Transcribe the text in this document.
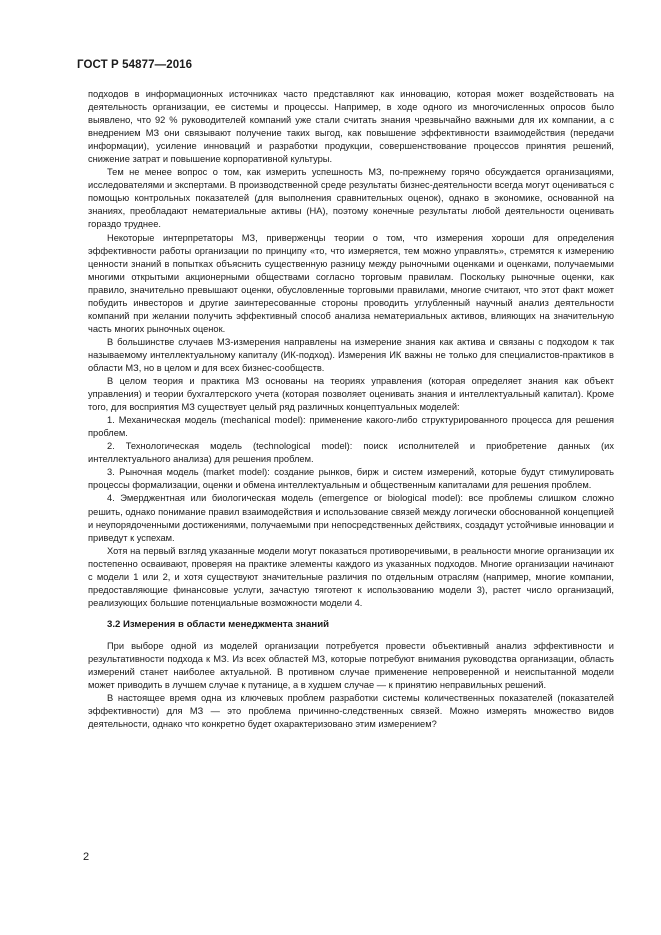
ГОСТ Р 54877—2016

подходов в информационных источниках часто представляют как инновацию, которая может воздействовать на деятельность организации, ее системы и процессы. Например, в ходе одного из многочисленных опросов было выявлено, что 92 % руководителей компаний уже стали считать знания чрезвычайно важными для их компании, а с внедрением МЗ они связывают получение таких выгод, как повышение эффективности взаимодействия (передачи информации), усиление инноваций и разработки продукции, совершенствование процессов принятия решений, снижение затрат и повышение корпоративной культуры.

Тем не менее вопрос о том, как измерить успешность МЗ, по-прежнему горячо обсуждается организациями, исследователями и экспертами. В производственной среде результаты бизнес-деятельности всегда могут оцениваться с помощью контрольных показателей (для выполнения сравнительных оценок), однако в экономике, основанной на знаниях, преобладают нематериальные активы (НА), поэтому конечные результаты любой деятельности оценивать гораздо труднее.

Некоторые интерпретаторы МЗ, приверженцы теории о том, что измерения хороши для определения эффективности работы организации по принципу «то, что измеряется, тем можно управлять», стремятся к измерению ценности знаний в попытках объяснить существенную разницу между рыночными оценками и оценками, получаемыми многими открытыми акционерными обществами согласно торговым правилам. Поскольку рыночные оценки, как правило, значительно превышают оценки, обусловленные торговыми правилами, многие считают, что этот факт может побудить инвесторов и другие заинтересованные стороны проводить углубленный научный анализ деятельности компаний при желании получить эффективный способ анализа нематериальных активов, влияющих на значительную часть многих рыночных оценок.

В большинстве случаев МЗ-измерения направлены на измерение знания как актива и связаны с подходом к так называемому интеллектуальному капиталу (ИК-подход). Измерения ИК важны не только для специалистов-практиков в области МЗ, но в целом и для всех бизнес-сообществ.

В целом теория и практика МЗ основаны на теориях управления (которая определяет знания как объект управления) и теории бухгалтерского учета (которая позволяет оценивать знания и интеллектуальный капитал). Кроме того, для восприятия МЗ существует целый ряд различных концептуальных моделей:

1. Механическая модель (mechanical model): применение какого-либо структурированного процесса для решения проблем.

2. Технологическая модель (technological model): поиск исполнителей и приобретение данных (их интеллектуального анализа) для решения проблем.

3. Рыночная модель (market model): создание рынков, бирж и систем измерений, которые будут стимулировать процессы формализации, оценки и обмена интеллектуальным и общественным капиталами для решения проблем.

4. Эмерджентная или биологическая модель (emergence or biological model): все проблемы слишком сложно решить, однако понимание правил взаимодействия и использование связей между логически обоснованной концепцией и неупорядоченными достижениями, получаемыми при непосредственных действиях, создадут устойчивые инновации и приведут к успехам.

Хотя на первый взгляд указанные модели могут показаться противоречивыми, в реальности многие организации их постепенно осваивают, проверяя на практике элементы каждого из указанных подходов. Многие организации начинают с модели 1 или 2, и хотя существуют значительные различия по отдельным отраслям (например, многие компании, предоставляющие финансовые услуги, зачастую тяготеют к использованию модели 3), растет число организаций, реализующих большие потенциальные возможности модели 4.

3.2 Измерения в области менеджмента знаний

При выборе одной из моделей организации потребуется провести объективный анализ эффективности и результативности подхода к МЗ. Из всех областей МЗ, которые потребуют внимания руководства организации, область измерений станет наиболее актуальной. В противном случае применение непроверенной и неиспытанной модели может приводить в лучшем случае к путанице, а в худшем случае — к принятию неправильных решений.

В настоящее время одна из ключевых проблем разработки системы количественных показателей (показателей эффективности) для МЗ — это проблема причинно-следственных связей. Можно измерять множество видов деятельности, однако что конкретно будет охарактеризовано этим измерением?

2
